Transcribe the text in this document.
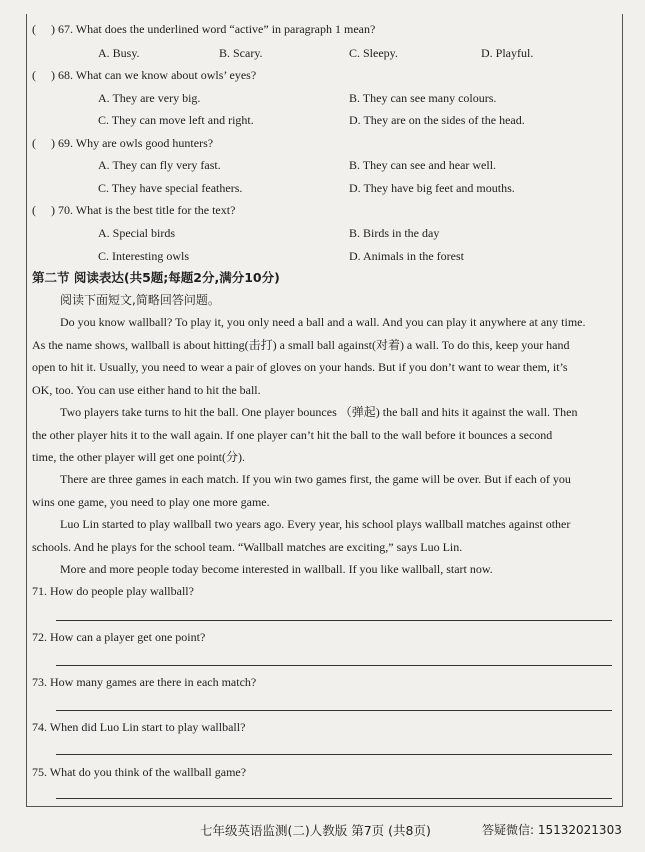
( ) 67. What does the underlined word “active” in paragraph 1 mean?
A. Busy.	B. Scary.	C. Sleepy.	D. Playful.
( ) 68. What can we know about owls’ eyes?
A. They are very big.	B. They can see many colours.
C. They can move left and right.	D. They are on the sides of the head.
( ) 69. Why are owls good hunters?
A. They can fly very fast.	B. They can see and hear well.
C. They have special feathers.	D. They have big feet and mouths.
( ) 70. What is the best title for the text?
A. Special birds	B. Birds in the day
C. Interesting owls	D. Animals in the forest
第二节 阅读表达(共5题;每题2分,满分10分)
阅读下面短文,简略回答问题。
Do you know wallball? To play it, you only need a ball and a wall. And you can play it anywhere at any time.
As the name shows, wallball is about hitting(击打) a small ball against(对着) a wall. To do this, keep your hand
open to hit it. Usually, you need to wear a pair of gloves on your hands. But if you don’t want to wear them, it’s
OK, too. You can use either hand to hit the ball.
Two players take turns to hit the ball. One player bounces （弹起) the ball and hits it against the wall. Then
the other player hits it to the wall again. If one player can’t hit the ball to the wall before it bounces a second
time, the other player will get one point(分).
There are three games in each match. If you win two games first, the game will be over. But if each of you
wins one game, you need to play one more game.
Luo Lin started to play wallball two years ago. Every year, his school plays wallball matches against other
schools. And he plays for the school team. “Wallball matches are exciting,” says Luo Lin.
More and more people today become interested in wallball. If you like wallball, start now.
71. How do people play wallball?
72. How can a player get one point?
73. How many games are there in each match?
74. When did Luo Lin start to play wallball?
75. What do you think of the wallball game?
七年级英语监测(二)人教版 第7页 (共8页)	答疑微信: 15132021303
